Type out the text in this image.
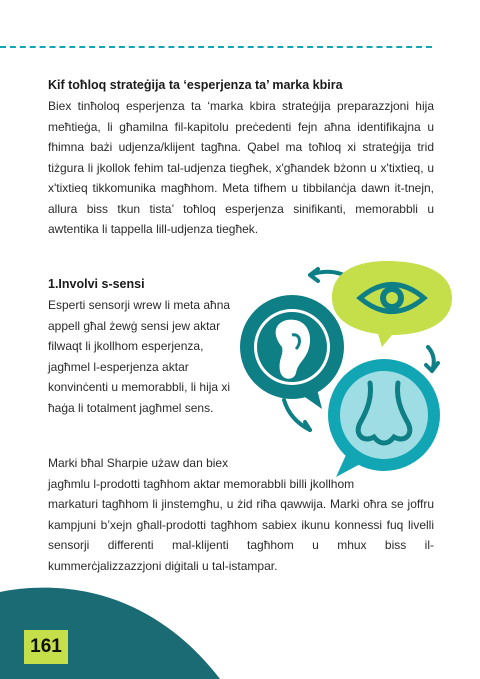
Kif toħloq strateġija ta ‘esperjenza ta’ marka kbira

Biex tinħoloq esperjenza ta ‘marka kbira strateġija preparazzjoni hija meħtieġa, li għamilna fil-kapitolu preċedenti fejn aħna identifikajna u fhimna bażi udjenza/klijent tagħna. Qabel ma toħloq xi strateġija trid tiżgura li jkollok fehim tal-udjenza tiegħek, x'għandek bżonn u x'tixtieq, u x'tixtieq tikkomunika magħhom. Meta tifhem u tibbilanċja dawn it-tnejn, allura biss tkun tista’ toħloq esperjenza sinifikanti, memorabbli u awtentika li tappella lill-udjenza tiegħek.

1.Involvi s-sensi
Esperti sensorji wrew li meta aħna
appell għal żewġ sensi jew aktar
filwaqt li jkollhom esperjenza,
jagħmel l-esperjenza aktar
konvinċenti u memorabbli, li hija xi
ħaġa li totalment jagħmel sens.
Marki bħal Sharpie użaw dan biex
jagħmlu l-prodotti tagħhom aktar memorabbli billi jkollhom

markaturi tagħhom li jinstemgħu, u żid riħa qawwija. Marki oħra se joffru kampjuni b’xejn għall-prodotti tagħhom sabiex ikunu konnessi fuq livelli sensorji differenti mal-klijenti tagħhom u mhux biss il-kummerċjalizzazzjoni diġitali u tal-istampar.

161
